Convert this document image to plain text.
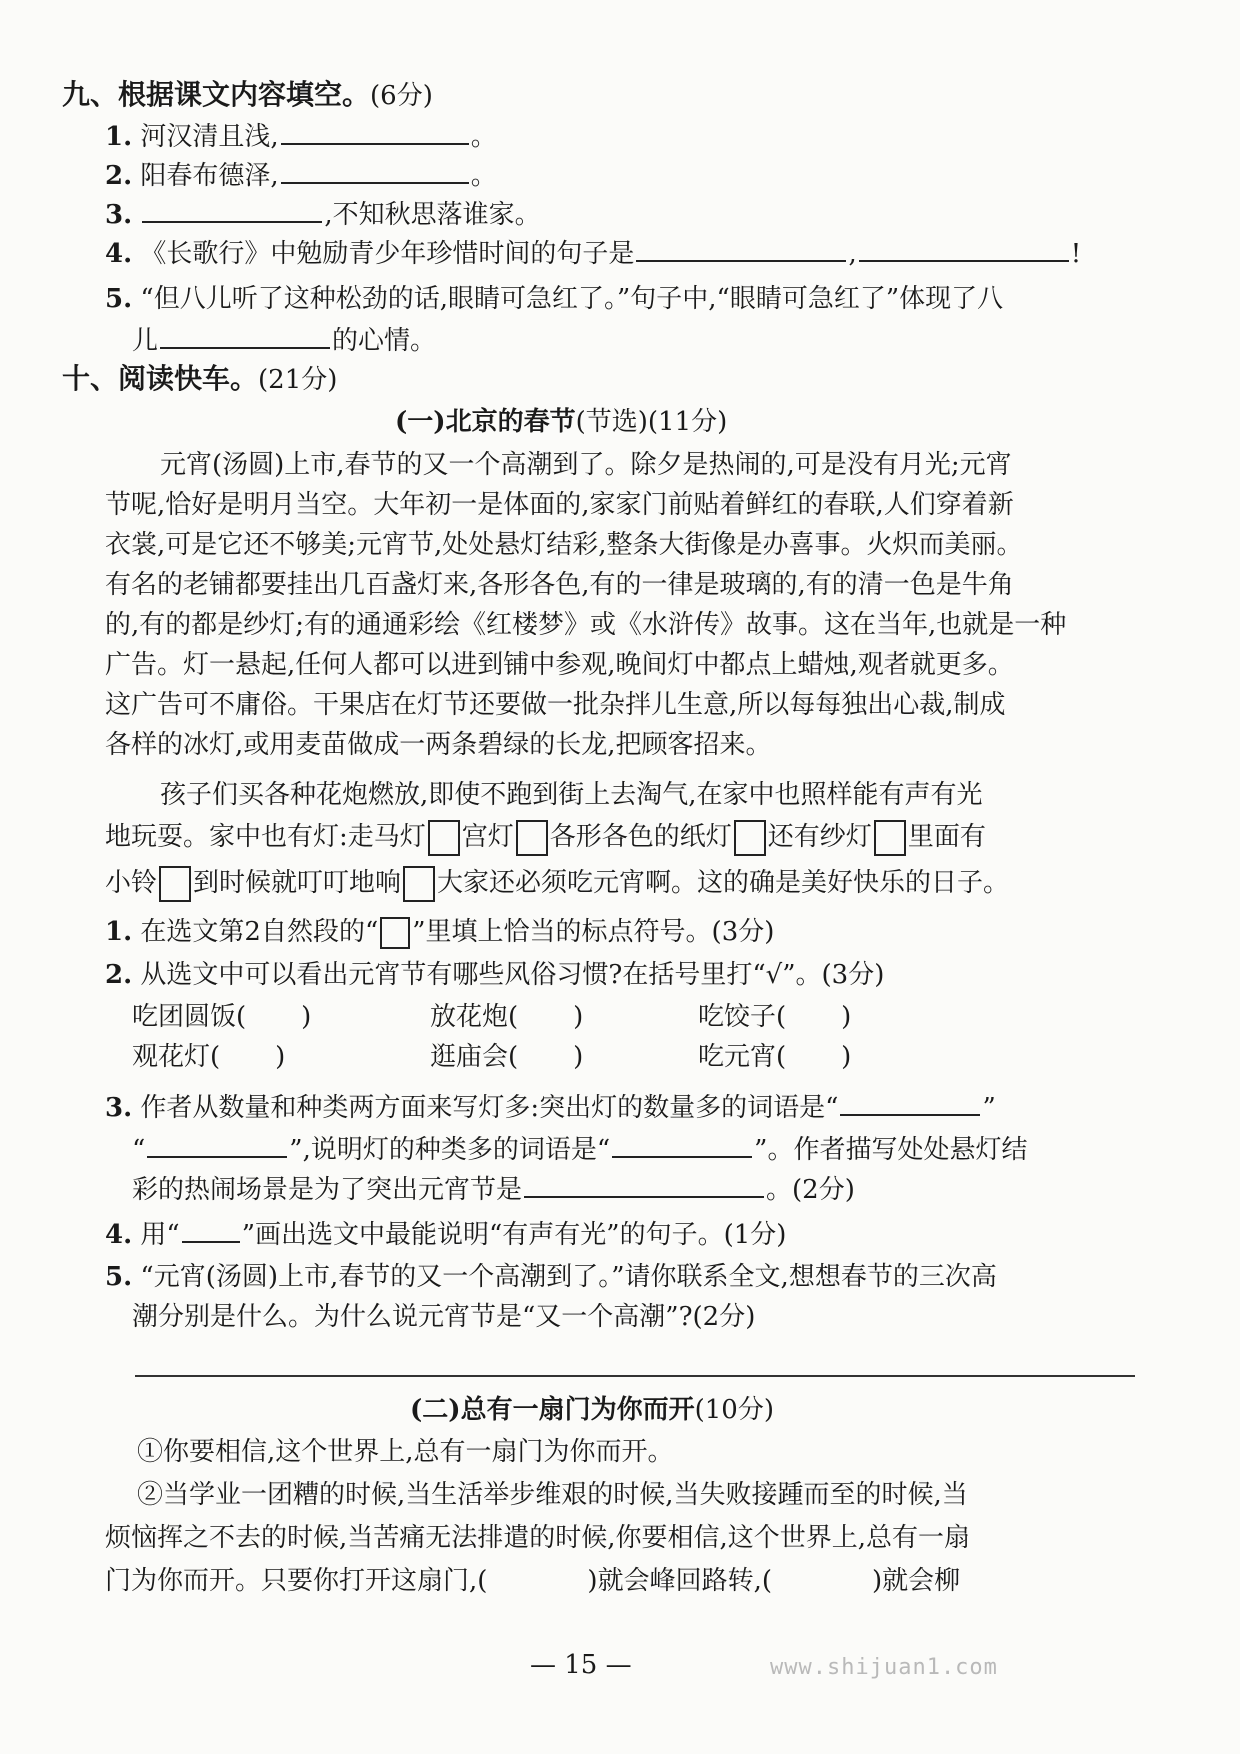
九、根据课文内容填空。(6分)
1. 河汉清且浅,	。
2. 阳春布德泽,	。
3.	,不知秋思落谁家。
4. 《长歌行》中勉励青少年珍惜时间的句子是	,	!
5. “但八儿听了这种松劲的话,眼睛可急红了。”句子中,“眼睛可急红了”体现了八
儿	的心情。
十、阅读快车。(21分)
(一)北京的春节(节选)(11分)
元宵(汤圆)上市,春节的又一个高潮到了。除夕是热闹的,可是没有月光;元宵
节呢,恰好是明月当空。大年初一是体面的,家家门前贴着鲜红的春联,人们穿着新
衣裳,可是它还不够美;元宵节,处处悬灯结彩,整条大街像是办喜事。火炽而美丽。
有名的老铺都要挂出几百盏灯来,各形各色,有的一律是玻璃的,有的清一色是牛角
的,有的都是纱灯;有的通通彩绘《红楼梦》或《水浒传》故事。这在当年,也就是一种
广告。灯一悬起,任何人都可以进到铺中参观,晚间灯中都点上蜡烛,观者就更多。
这广告可不庸俗。干果店在灯节还要做一批杂拌儿生意,所以每每独出心裁,制成
各样的冰灯,或用麦苗做成一两条碧绿的长龙,把顾客招来。
孩子们买各种花炮燃放,即使不跑到街上去淘气,在家中也照样能有声有光
地玩耍。家中也有灯:走马灯 宫灯 各形各色的纸灯 还有纱灯 里面有
小铃 到时候就叮叮地响 大家还必须吃元宵啊。这的确是美好快乐的日子。
1. 在选文第2自然段的“ ”里填上恰当的标点符号。(3分)
2. 从选文中可以看出元宵节有哪些风俗习惯?在括号里打“√”。(3分)
吃团圆饭( )	放花炮( )	吃饺子( )
观花灯( )	逛庙会( )	吃元宵( )
3. 作者从数量和种类两方面来写灯多:突出灯的数量多的词语是“	”
“	”,说明灯的种类多的词语是“	”。作者描写处处悬灯结
彩的热闹场景是为了突出元宵节是	。(2分)
4. 用“ ”画出选文中最能说明“有声有光”的句子。(1分)
5. “元宵(汤圆)上市,春节的又一个高潮到了。”请你联系全文,想想春节的三次高
潮分别是什么。为什么说元宵节是“又一个高潮”?(2分)
(二)总有一扇门为你而开(10分)
①你要相信,这个世界上,总有一扇门为你而开。
②当学业一团糟的时候,当生活举步维艰的时候,当失败接踵而至的时候,当
烦恼挥之不去的时候,当苦痛无法排遣的时候,你要相信,这个世界上,总有一扇
门为你而开。只要你打开这扇门,(	)就会峰回路转,(	)就会柳
— 15 —	www.shijuan1.com
